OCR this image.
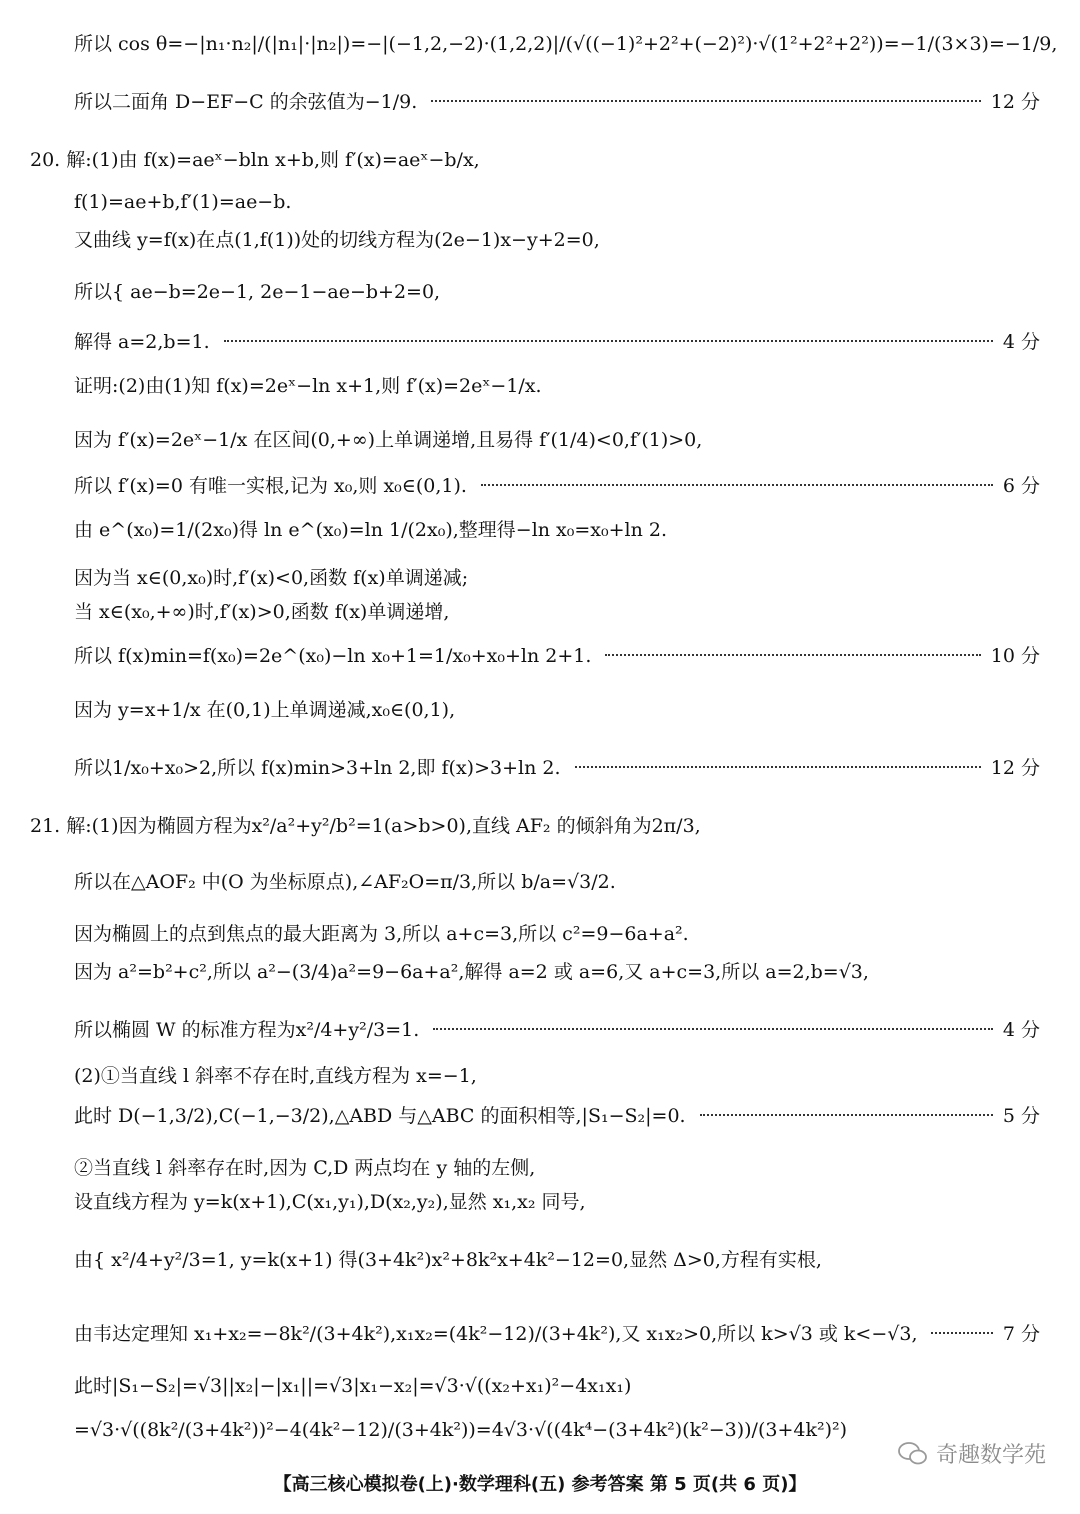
所以 cos θ=−|n₁·n₂|/(|n₁|·|n₂|)=−|(−1,2,−2)·(1,2,2)|/(√((−1)²+2²+(−2)²)·√(1²+2²+2²))=−1/(3×3)=−1/9,
所以二面角 D−EF−C 的余弦值为−1/9.	12 分
20. 解:(1)由 f(x)=aeˣ−bln x+b,则 f′(x)=aeˣ−b/x,
f(1)=ae+b,f′(1)=ae−b.
又曲线 y=f(x)在点(1,f(1))处的切线方程为(2e−1)x−y+2=0,
所以{ ae−b=2e−1, 2e−1−ae−b+2=0,
解得 a=2,b=1.	4 分
证明:(2)由(1)知 f(x)=2eˣ−ln x+1,则 f′(x)=2eˣ−1/x.
因为 f′(x)=2eˣ−1/x 在区间(0,+∞)上单调递增,且易得 f′(1/4)<0,f′(1)>0,
所以 f′(x)=0 有唯一实根,记为 x₀,则 x₀∈(0,1).	6 分
由 e^(x₀)=1/(2x₀)得 ln e^(x₀)=ln 1/(2x₀),整理得−ln x₀=x₀+ln 2.
因为当 x∈(0,x₀)时,f′(x)<0,函数 f(x)单调递减;
当 x∈(x₀,+∞)时,f′(x)>0,函数 f(x)单调递增,
所以 f(x)min=f(x₀)=2e^(x₀)−ln x₀+1=1/x₀+x₀+ln 2+1.	10 分
因为 y=x+1/x 在(0,1)上单调递减,x₀∈(0,1),
所以1/x₀+x₀>2,所以 f(x)min>3+ln 2,即 f(x)>3+ln 2.	12 分
21. 解:(1)因为椭圆方程为x²/a²+y²/b²=1(a>b>0),直线 AF₂ 的倾斜角为2π/3,
所以在△AOF₂ 中(O 为坐标原点),∠AF₂O=π/3,所以 b/a=√3/2.
因为椭圆上的点到焦点的最大距离为 3,所以 a+c=3,所以 c²=9−6a+a².
因为 a²=b²+c²,所以 a²−(3/4)a²=9−6a+a²,解得 a=2 或 a=6,又 a+c=3,所以 a=2,b=√3,
所以椭圆 W 的标准方程为x²/4+y²/3=1.	4 分
(2)①当直线 l 斜率不存在时,直线方程为 x=−1,
此时 D(−1,3/2),C(−1,−3/2),△ABD 与△ABC 的面积相等,|S₁−S₂|=0.	5 分
②当直线 l 斜率存在时,因为 C,D 两点均在 y 轴的左侧,
设直线方程为 y=k(x+1),C(x₁,y₁),D(x₂,y₂),显然 x₁,x₂ 同号,
由{ x²/4+y²/3=1, y=k(x+1) 得(3+4k²)x²+8k²x+4k²−12=0,显然 Δ>0,方程有实根,
由韦达定理知 x₁+x₂=−8k²/(3+4k²),x₁x₂=(4k²−12)/(3+4k²),又 x₁x₂>0,所以 k>√3 或 k<−√3,	7 分
此时|S₁−S₂|=√3||x₂|−|x₁||=√3|x₁−x₂|=√3·√((x₂+x₁)²−4x₁x₁)
=√3·√((8k²/(3+4k²))²−4(4k²−12)/(3+4k²))=4√3·√((4k⁴−(3+4k²)(k²−3))/(3+4k²)²)
奇趣数学苑
【高三核心模拟卷(上)·数学理科(五) 参考答案 第 5 页(共 6 页)】
